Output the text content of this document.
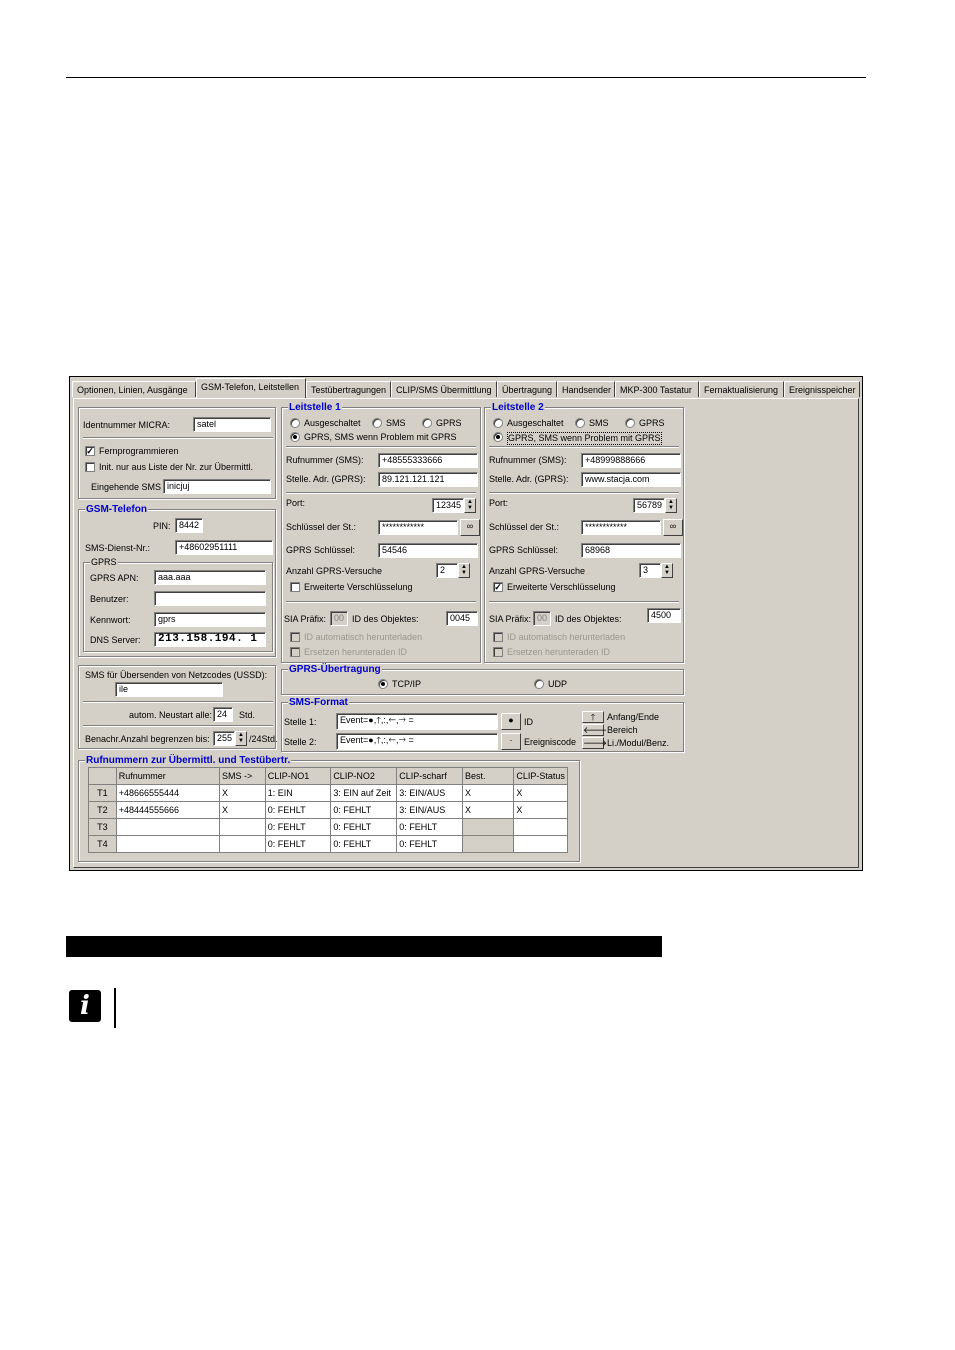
Optionen, Linien, Ausgänge	GSM-Telefon, Leitstellen	Testübertragungen	CLIP/SMS Übermittlung	Übertragung	Handsender MKP-300 Tastatur	Fernaktualisierung	Ereignisspeicher
Identnummer MICRA:	satel
✓ Fernprogrammieren
Init. nur aus Liste der Nr. zur Übermittl.
Eingehende SMS inicjuj
GSM-Telefon
PIN: 8442
SMS-Dienst-Nr.:	+48602951111
GPRS
GPRS APN:	aaa.aaa
Benutzer:
Kennwort:	gprs
DNS Server:	213.158.194. 1
SMS für Übersenden von Netzcodes (USSD):
ile
autom. Neustart alle: 24	Std.
Benachr.Anzahl begrenzen bis: 255 ▲
▼ /24Std.
Leitstelle 1
Ausgeschaltet	SMS	GPRS
GPRS, SMS wenn Problem mit GPRS
Rufnummer (SMS):	+48555333666
Stelle. Adr. (GPRS):	89.121.121.121
Port:	12345 ▲
▼
Schlüssel der St.:	************	∞
GPRS Schlüssel:	54546
Anzahl GPRS-Versuche	2	▲
▼
Erweiterte Verschlüsselung
SIA Präfix: 00 ID des Objektes:	0045
ID automatisch herunterladen
Ersetzen herunteraden ID
Leitstelle 2
Ausgeschaltet	SMS	GPRS
GPRS, SMS wenn Problem mit GPRS
Rufnummer (SMS):	+48999888666
Stelle. Adr. (GPRS):	www.stacja.com
Port:	56789 ▲
▼
Schlüssel der St.:	************	∞
GPRS Schlüssel:	68968
Anzahl GPRS-Versuche	3	▲
▼
✓ Erweiterte Verschlüsselung
SIA Präfix: 00 ID des Objektes:	4500
ID automatisch herunterladen
Ersetzen herunteraden ID
GPRS-Übertragung
TCP/IP	UDP
SMS-Format
Stelle 1:	Event=●,🡑,:,🡐,🡒 =
Stelle 2:	Event=●,🡑,:,🡐,🡒 =
●
·
ID
Ereigniscode
🡑	Anfang/Ende
🡐 Bereich
🡒 Li./Modul/Benz.
Rufnummern zur Übermittl. und Testübertr.
	Rufnummer	SMS ->	CLIP-NO1	CLIP-NO2	CLIP-scharf	Best.	CLIP-Status
T1	+48666555444	X	1: EIN	3: EIN auf Zeit	3: EIN/AUS	X	X
T2	+48444555666	X	0: FEHLT	0: FEHLT	3: EIN/AUS	X	X
T3			0: FEHLT	0: FEHLT	0: FEHLT		
T4			0: FEHLT	0: FEHLT	0: FEHLT		
i
